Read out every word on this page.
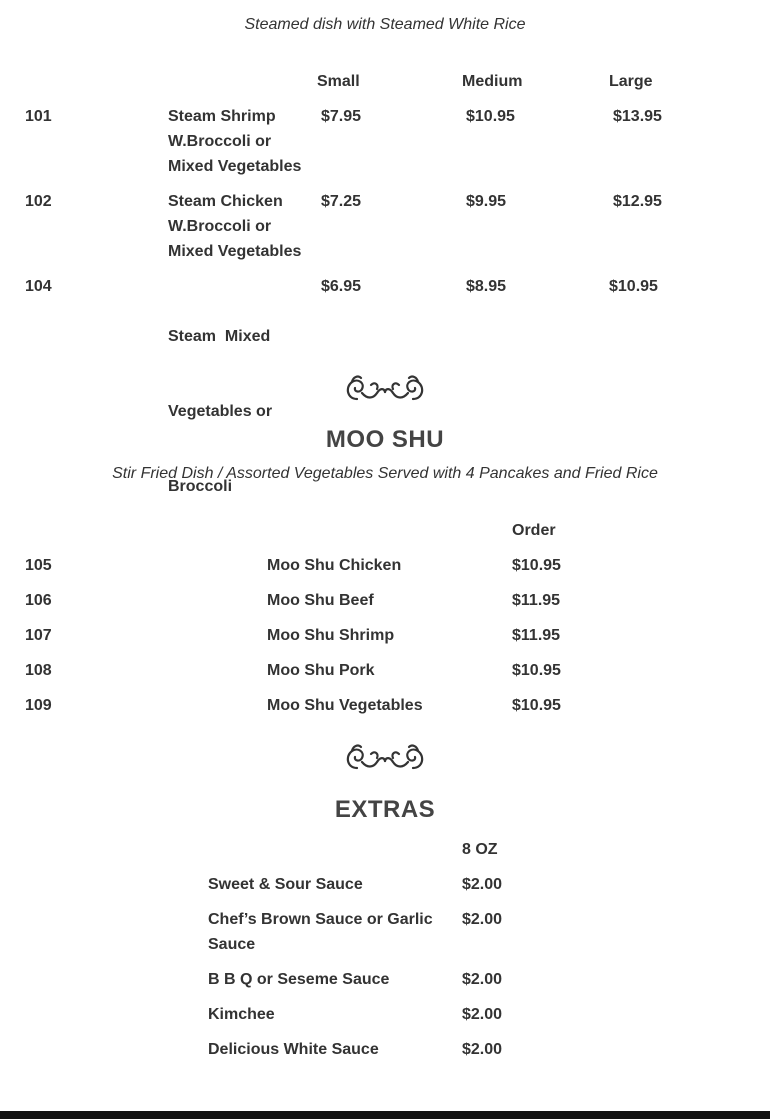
Steamed dish with Steamed White Rice
Small	Medium	Large
101	Steam Shrimp
W.Broccoli or
Mixed Vegetables
$7.95	$10.95	$13.95
102	Steam Chicken
W.Broccoli or
Mixed Vegetables
$7.25	$9.95	$12.95
104

Steam  Mixed

Vegetables or

Broccoli

$6.95	$8.95	$10.95
MOO SHU
Stir Fried Dish / Assorted Vegetables Served with 4 Pancakes and Fried Rice
Order
105	Moo Shu Chicken	$10.95
106	Moo Shu Beef	$11.95
107	Moo Shu Shrimp	$11.95
108	Moo Shu Pork	$10.95
109	Moo Shu Vegetables	$10.95
EXTRAS
8 OZ
Sweet & Sour Sauce	$2.00
Chef’s Brown Sauce or Garlic
Sauce
$2.00
B B Q or Seseme Sauce	$2.00
Kimchee	$2.00
Delicious White Sauce	$2.00
